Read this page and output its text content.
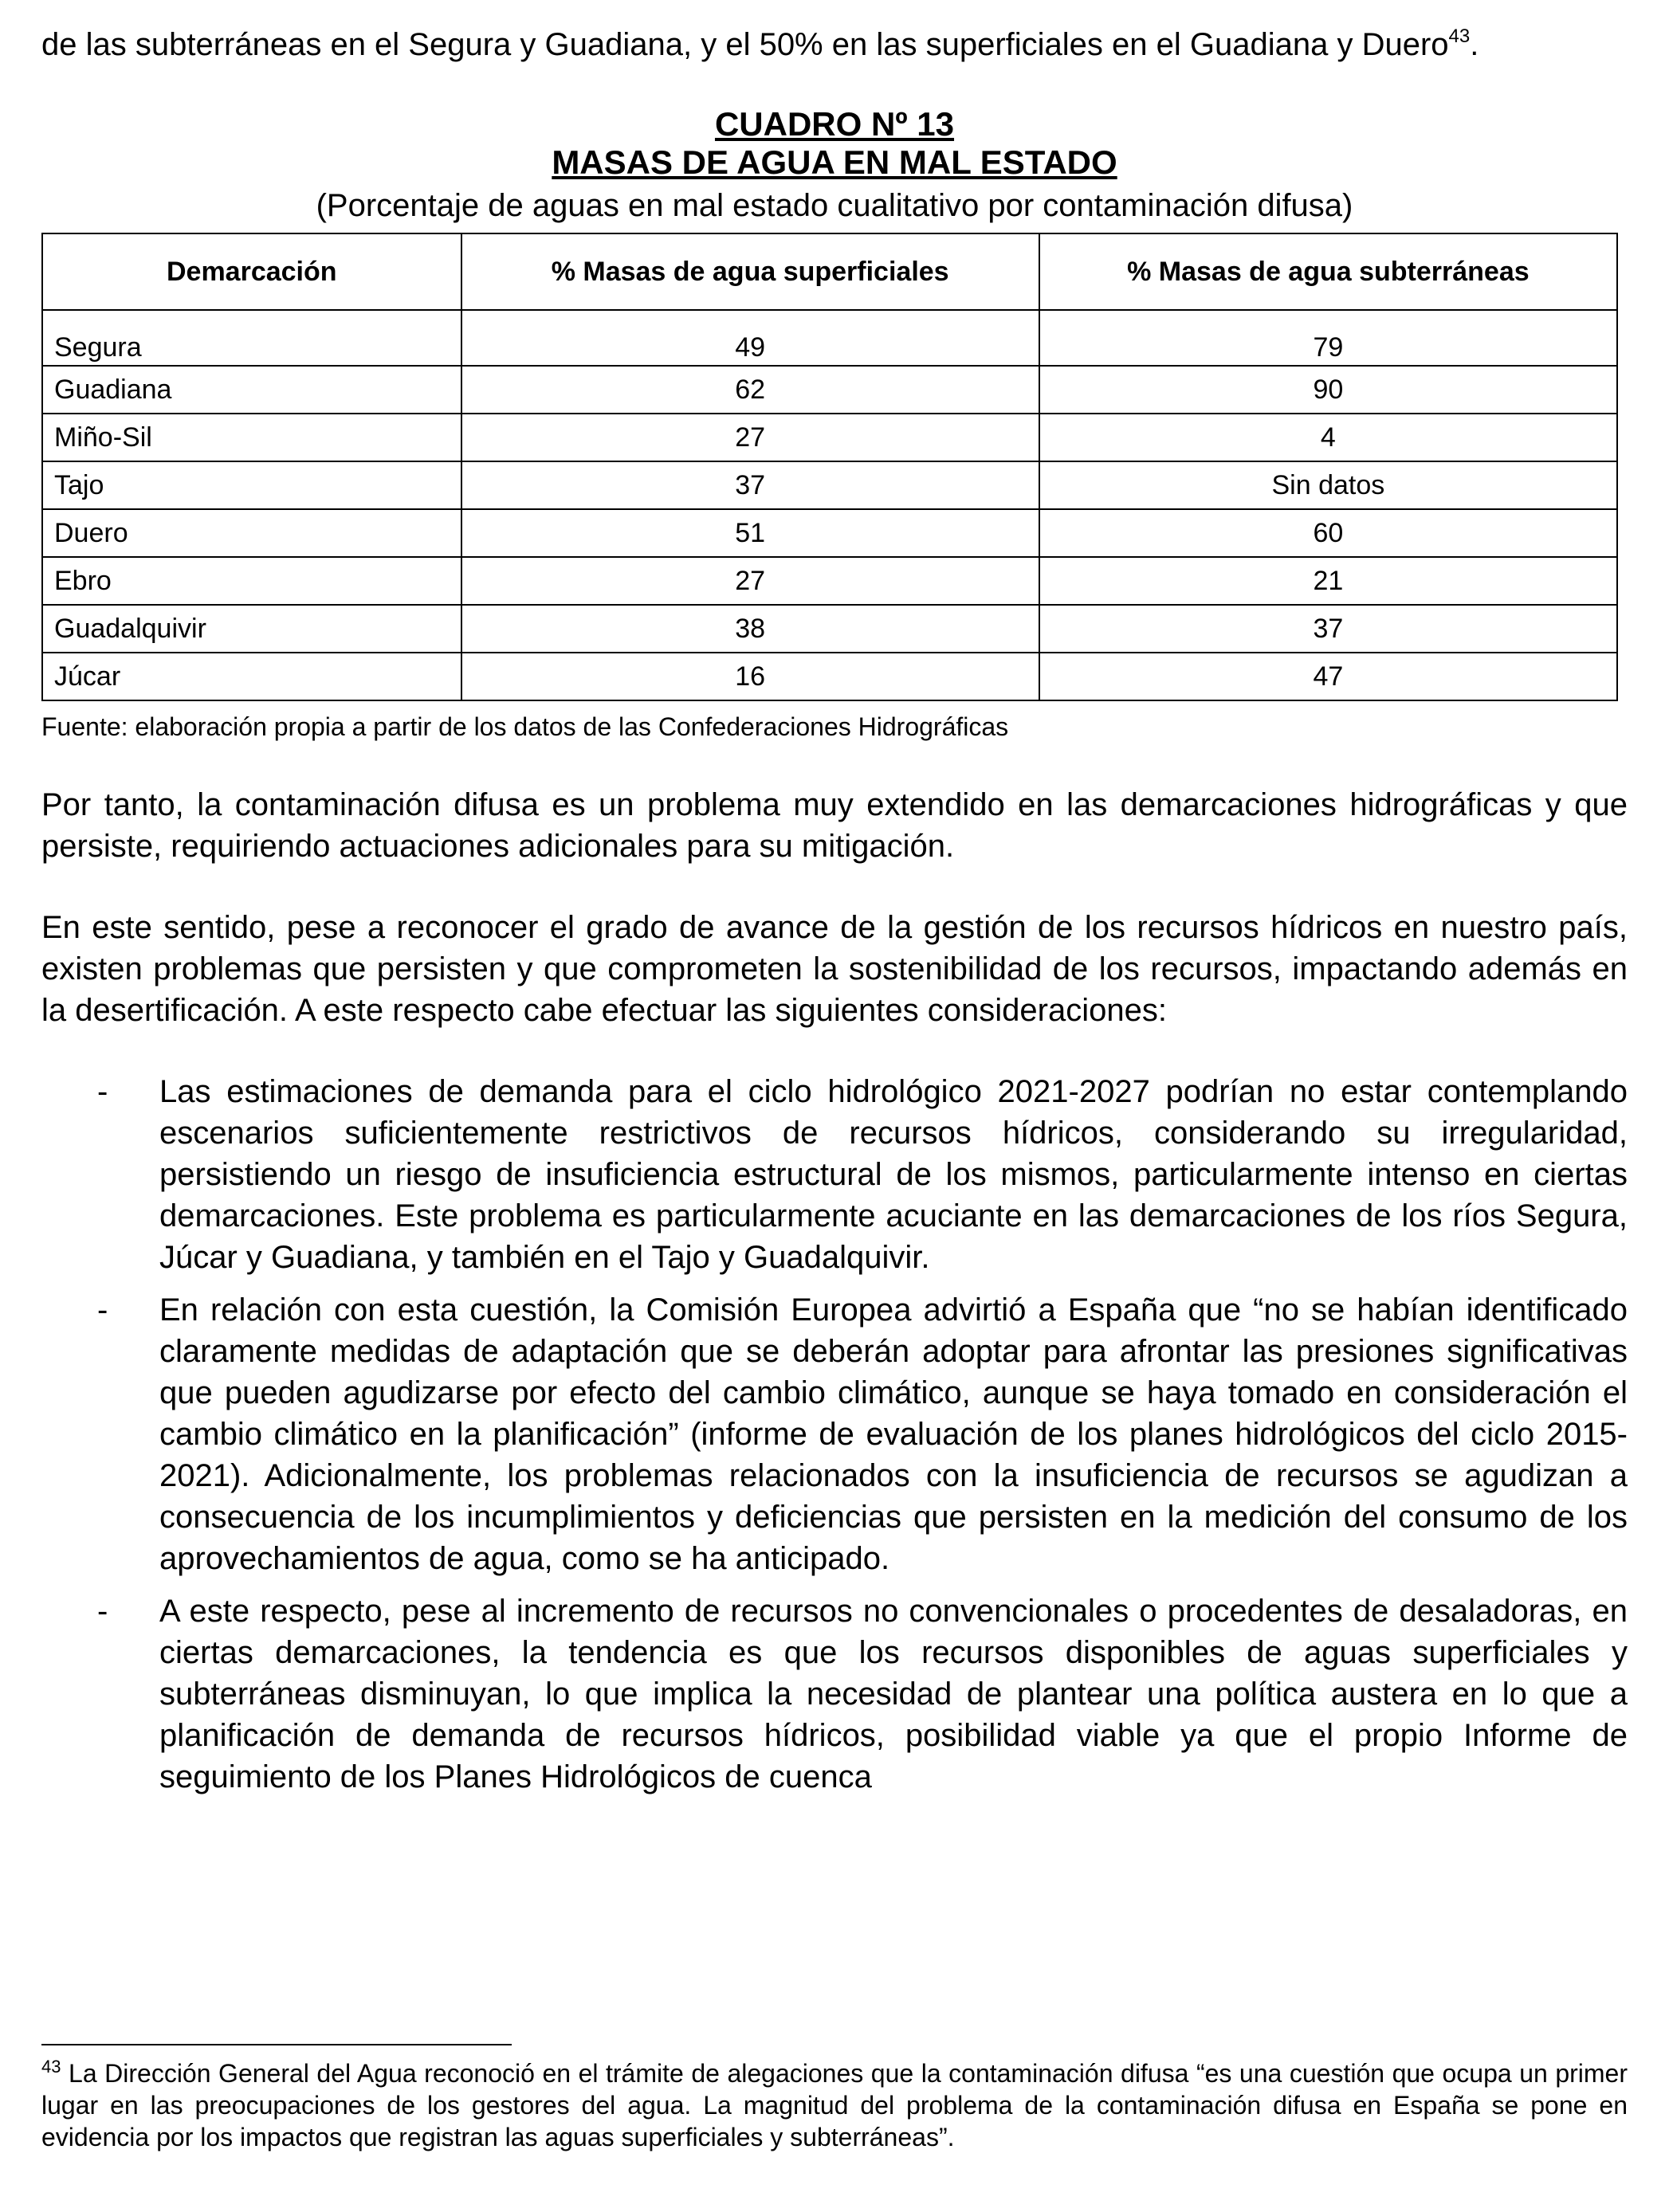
de las subterráneas en el Segura y Guadiana, y el 50% en las superficiales en el Guadiana y Duero$^{43}$.

CUADRO Nº 13
MASAS DE AGUA EN MAL ESTADO
(Porcentaje de aguas en mal estado cualitativo por contaminación difusa)
Demarcación	% Masas de agua superficiales	% Masas de agua subterráneas
Segura	49	79
Guadiana	62	90
Miño-Sil	27	4
Tajo	37	Sin datos
Duero	51	60
Ebro	27	21
Guadalquivir	38	37
Júcar	16	47
Fuente: elaboración propia a partir de los datos de las Confederaciones Hidrográficas

Por tanto, la contaminación difusa es un problema muy extendido en las demarcaciones hidrográficas y que persiste, requiriendo actuaciones adicionales para su mitigación.

En este sentido, pese a reconocer el grado de avance de la gestión de los recursos hídricos en nuestro país, existen problemas que persisten y que comprometen la sostenibilidad de los recursos, impactando además en la desertificación. A este respecto cabe efectuar las siguientes consideraciones:

- Las estimaciones de demanda para el ciclo hidrológico 2021-2027 podrían no estar contemplando escenarios suficientemente restrictivos de recursos hídricos, considerando su irregularidad, persistiendo un riesgo de insuficiencia estructural de los mismos, particularmente intenso en ciertas demarcaciones. Este problema es particularmente acuciante en las demarcaciones de los ríos Segura, Júcar y Guadiana, y también en el Tajo y Guadalquivir.

- En relación con esta cuestión, la Comisión Europea advirtió a España que “no se habían identificado claramente medidas de adaptación que se deberán adoptar para afrontar las presiones significativas que pueden agudizarse por efecto del cambio climático, aunque se haya tomado en consideración el cambio climático en la planificación” (informe de evaluación de los planes hidrológicos del ciclo 2015-2021). Adicionalmente, los problemas relacionados con la insuficiencia de recursos se agudizan a consecuencia de los incumplimientos y deficiencias que persisten en la medición del consumo de los aprovechamientos de agua, como se ha anticipado.

- A este respecto, pese al incremento de recursos no convencionales o procedentes de desaladoras, en ciertas demarcaciones, la tendencia es que los recursos disponibles de aguas superficiales y subterráneas disminuyan, lo que implica la necesidad de plantear una política austera en lo que a planificación de demanda de recursos hídricos, posibilidad viable ya que el propio Informe de seguimiento de los Planes Hidrológicos de cuenca

$^{43}$ La Dirección General del Agua reconoció en el trámite de alegaciones que la contaminación difusa “es una cuestión que ocupa un primer lugar en las preocupaciones de los gestores del agua. La magnitud del problema de la contaminación difusa en España se pone en evidencia por los impactos que registran las aguas superficiales y subterráneas”.
